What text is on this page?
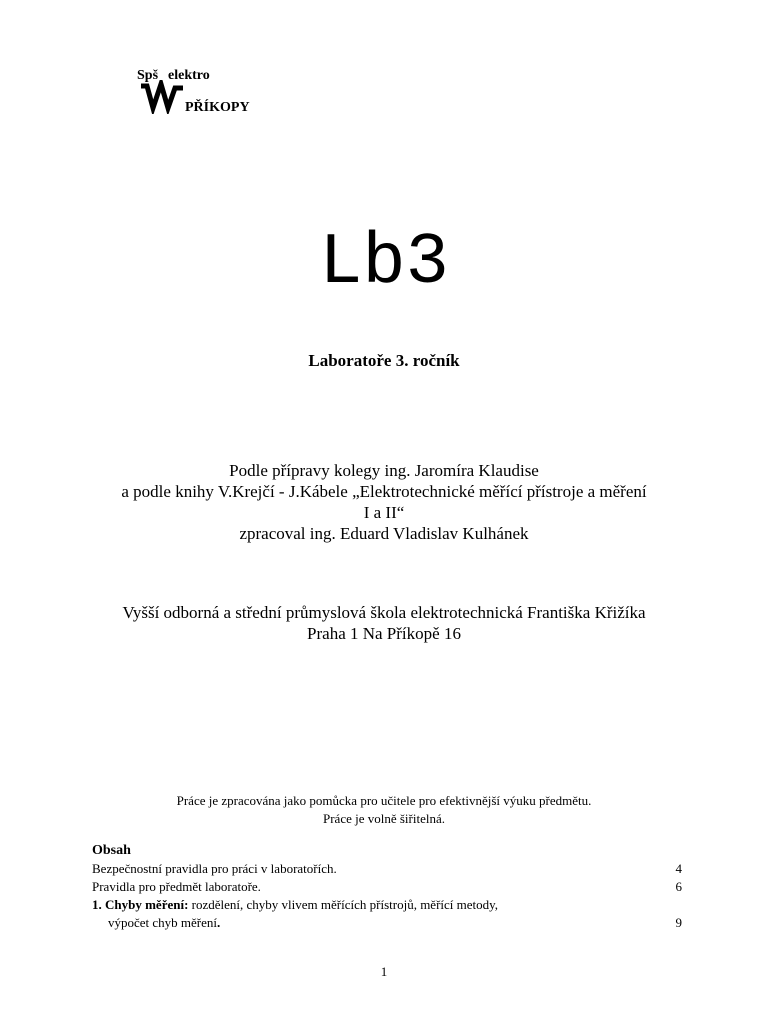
Spš elektro
PŘÍKOPY
Lb3
Laboratoře 3. ročník
Podle přípravy kolegy ing. Jaromíra Klaudise
a podle knihy V.Krejčí - J.Kábele „Elektrotechnické měřící přístroje a měření
I a II“
zpracoval ing. Eduard Vladislav Kulhánek
Vyšší odborná a střední průmyslová škola elektrotechnická Františka Křižíka
Praha 1 Na Příkopě 16
Práce je zpracována jako pomůcka pro učitele pro efektivnější výuku předmětu.
Práce je volně šiřitelná.
Obsah
Bezpečnostní pravidla pro práci v laboratořích.	4
Pravidla pro předmět laboratoře.	6
1. Chyby měření: rozdělení, chyby vlivem měřících přístrojů, měřící metody,
výpočet chyb měření.	9
1
